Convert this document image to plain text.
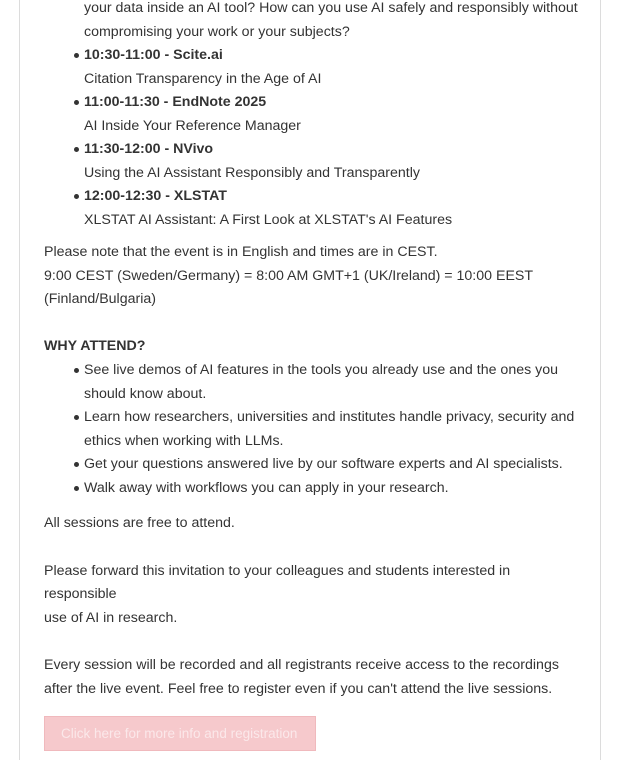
your data inside an AI tool? How can you use AI safely and responsibly without
compromising your work or your subjects?
10:30-11:00 - Scite.ai
Citation Transparency in the Age of AI
11:00-11:30 - EndNote 2025
AI Inside Your Reference Manager
11:30-12:00 - NVivo
Using the AI Assistant Responsibly and Transparently
12:00-12:30 - XLSTAT
XLSTAT AI Assistant: A First Look at XLSTAT's AI Features

Please note that the event is in English and times are in CEST.
9:00 CEST (Sweden/Germany) = 8:00 AM GMT+1 (UK/Ireland) = 10:00 EEST
(Finland/Bulgaria)

WHY ATTEND?

See live demos of AI features in the tools you already use and the ones you
should know about.
Learn how researchers, universities and institutes handle privacy, security and
ethics when working with LLMs.
Get your questions answered live by our software experts and AI specialists.
Walk away with workflows you can apply in your research.

All sessions are free to attend.

Please forward this invitation to your colleagues and students interested in responsible
use of AI in research.

Every session will be recorded and all registrants receive access to the recordings
after the live event. Feel free to register even if you can't attend the live sessions.

Click here for more info and registration
